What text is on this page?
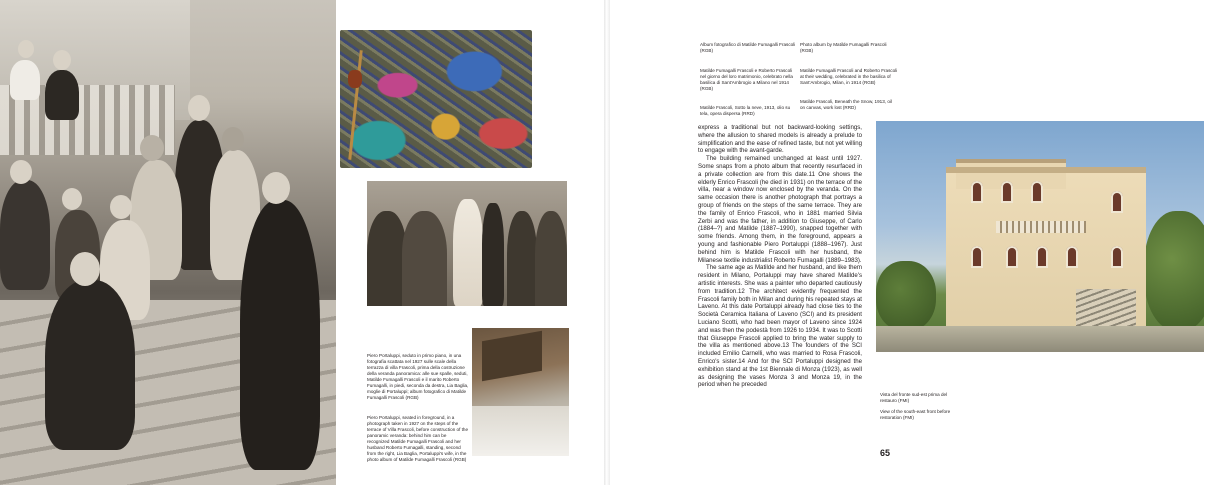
Piero Portaluppi, seduto in primo piano, in una fotografia scattata nel 1927 sulle scale della terrazza di villa Frascoli, prima della costruzione della veranda panoramica: alle sue spalle, seduti, Matilde Fumagalli Frascoli e il marito Roberto Fumagalli, in piedi, seconda da destra, Lia Baglia, moglie di Portaluppi; album fotografico di Matilde Fumagalli Frascoli (RGB)

Piero Portaluppi, seated in foreground, in a photograph taken in 1927 on the steps of the terrace of Villa Frascoli, before construction of the panoramic veranda: behind him can be recognized Matilde Fumagalli Frascoli and her husband Roberto Fumagalli, standing, second from the right, Lia Baglia, Portaluppi's wife, in the photo album of Matilde Fumagalli Frascoli (RGB)

Album fotografico di Matilde Fumagalli Frascoli (RGB)

Matilde Fumagalli Frascoli e Roberto Frascoli nel giorno del loro matrimonio, celebrato nella basilica di Sant'Ambrogio a Milano nel 1914 (RGB)

Matilde Frascoli, Sotto la neve, 1913, olio su tela, opera dispersa (RRD)

Photo album by Matilde Fumagalli Frascoli (RGB)

Matilde Fumagalli Frascoli and Roberto Frascoli at their wedding, celebrated in the basilica of Sant'Ambrogio, Milan, in 1914 (RGB)

Matilde Frascoli, Beneath the Snow, 1913, oil on canvas, work lost (RRD)

express a traditional but not backward-looking settings, where the allusion to shared models is already a prelude to simplification and the ease of refined taste, but not yet willing to engage with the avant-garde.

The building remained unchanged at least until 1927. Some snaps from a photo album that recently resurfaced in a private collection are from this date.11 One shows the elderly Enrico Frascoli (he died in 1931) on the terrace of the villa, near a window now enclosed by the veranda. On the same occasion there is another photograph that portrays a group of friends on the steps of the same terrace. They are the family of Enrico Frascoli, who in 1881 married Silvia Zerbi and was the father, in addition to Giuseppe, of Carlo (1884–?) and Matilde (1887–1990), snapped together with some friends. Among them, in the foreground, appears a young and fashionable Piero Portaluppi (1888–1967). Just behind him is Matilde Frascoli with her husband, the Milanese textile industrialist Roberto Fumagalli (1889–1983).

The same age as Matilde and her husband, and like them resident in Milano, Portaluppi may have shared Matilde's artistic interests. She was a painter who departed cautiously from tradition.12 The architect evidently frequented the Frascoli family both in Milan and during his repeated stays at Laveno. At this date Portaluppi already had close ties to the Società Ceramica Italiana of Laveno (SCI) and its president Luciano Scotti, who had been mayor of Laveno since 1924 and was then the podestà from 1926 to 1934. It was to Scotti that Giuseppe Frascoli applied to bring the water supply to the villa as mentioned above.13 The founders of the SCI included Emilio Carnelli, who was married to Rosa Frascoli, Enrico's sister.14 And for the SCI Portaluppi designed the exhibition stand at the 1st Biennale di Monza (1923), as well as designing the vases Monza 3 and Monza 19, in the period when he preceded

Vista del fronte sud-est prima del restauro (FMI)
View of the south-east front before restoration (FMI)
65
